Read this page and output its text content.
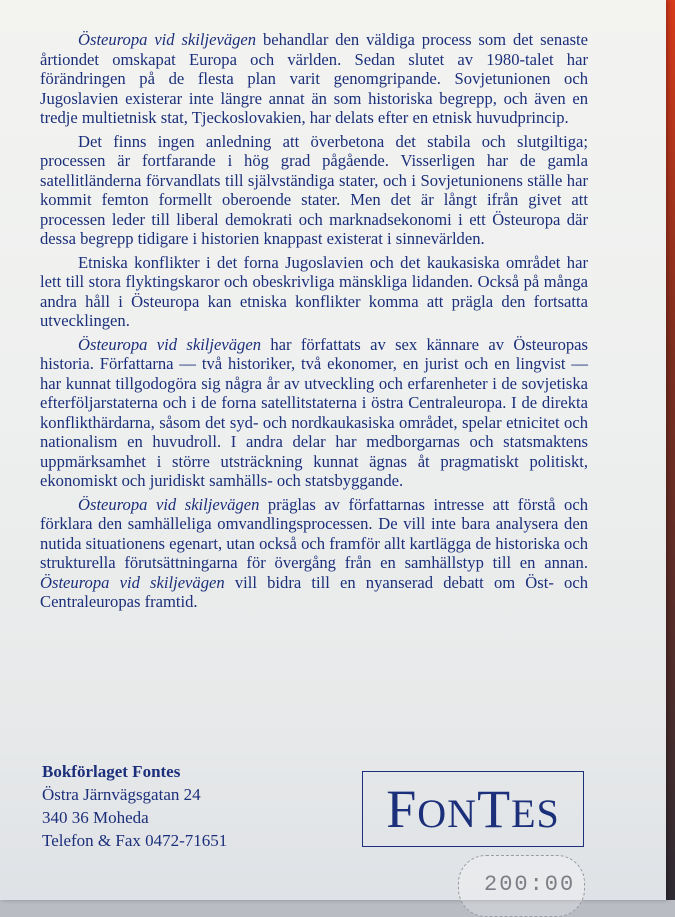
Östeuropa vid skiljevägen behandlar den väldiga process som det senaste årtiondet omskapat Europa och världen. Sedan slutet av 1980-talet har förändringen på de flesta plan varit genomgripande. Sovjetunionen och Jugoslavien existerar inte längre annat än som historiska begrepp, och även en tredje multietnisk stat, Tjeckoslovakien, har delats efter en etnisk huvudprincip.

Det finns ingen anledning att överbetona det stabila och slutgiltiga; processen är fortfarande i hög grad pågående. Visserligen har de gamla satellitländerna förvandlats till självständiga stater, och i Sovjetunionens ställe har kommit femton formellt oberoende stater. Men det är långt ifrån givet att processen leder till liberal demokrati och marknadsekonomi i ett Östeuropa där dessa begrepp tidigare i historien knappast existerat i sinnevärlden.

Etniska konflikter i det forna Jugoslavien och det kaukasiska området har lett till stora flyktingskaror och obeskrivliga mänskliga lidanden. Också på många andra håll i Östeuropa kan etniska konflikter komma att prägla den fortsatta utvecklingen.

Östeuropa vid skiljevägen har författats av sex kännare av Östeuropas historia. Författarna — två historiker, två ekonomer, en jurist och en lingvist — har kunnat tillgodogöra sig några år av utveckling och erfarenheter i de sovjetiska efterföljarstaterna och i de forna satellitstaterna i östra Centraleuropa. I de direkta konflikthärdarna, såsom det syd- och nordkaukasiska området, spelar etnicitet och nationalism en huvudroll. I andra delar har medborgarnas och statsmaktens uppmärksamhet i större utsträckning kunnat ägnas åt pragmatiskt politiskt, ekonomiskt och juridiskt samhälls- och statsbyggande.

Östeuropa vid skiljevägen präglas av författarnas intresse att förstå och förklara den samhälleliga omvandlingsprocessen. De vill inte bara analysera den nutida situationens egenart, utan också och framför allt kartlägga de historiska och strukturella förutsättningarna för övergång från en samhällstyp till en annan. Östeuropa vid skiljevägen vill bidra till en nyanserad debatt om Öst- och Centraleuropas framtid.

Bokförlaget Fontes
Östra Järnvägsgatan 24
340 36 Moheda
Telefon & Fax 0472-71651
FONTES
200:00
